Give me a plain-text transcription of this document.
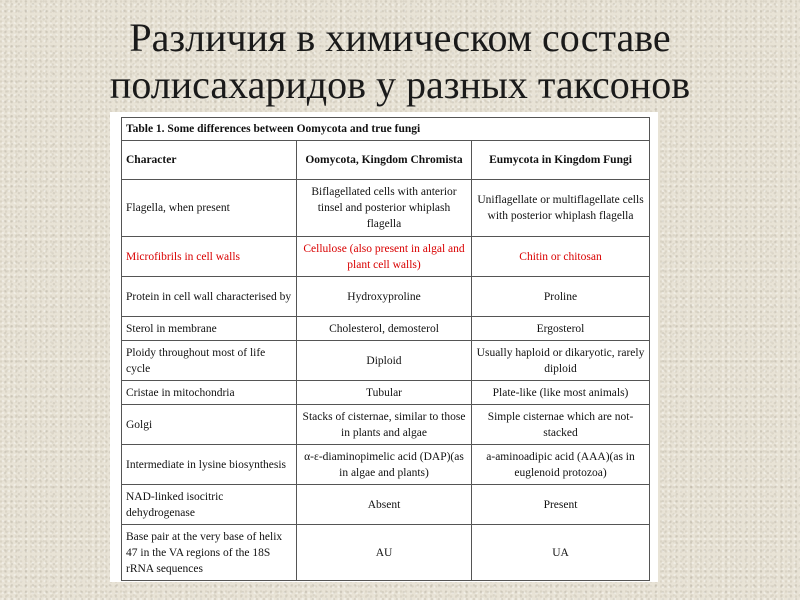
Различия в химическом составе
полисахаридов у разных таксонов
Table 1. Some differences between Oomycota and true fungi		
Character	Oomycota, Kingdom Chromista	Eumycota in Kingdom Fungi
Flagella, when present	Biflagellated cells with anterior tinsel and posterior whiplash flagella	Uniflagellate or multiflagellate cells with posterior whiplash flagella
Microfibrils in cell walls	Cellulose (also present in algal and plant cell walls)	Chitin or chitosan
Protein in cell wall characterised by	Hydroxyproline	Proline
Sterol in membrane	Cholesterol, demosterol	Ergosterol
Ploidy throughout most of life cycle	Diploid	Usually haploid or dikaryotic, rarely diploid
Cristae in mitochondria	Tubular	Plate-like (like most animals)
Golgi	Stacks of cisternae, similar to those in plants and algae	Simple cisternae which are not-stacked
Intermediate in lysine biosynthesis	α-ε-diaminopimelic acid (DAP)(as in algae and plants)	a-aminoadipic acid (AAA)(as in euglenoid protozoa)
NAD-linked isocitric dehydrogenase	Absent	Present
Base pair at the very base of helix 47 in the VA regions of the 18S rRNA sequences	AU	UA
